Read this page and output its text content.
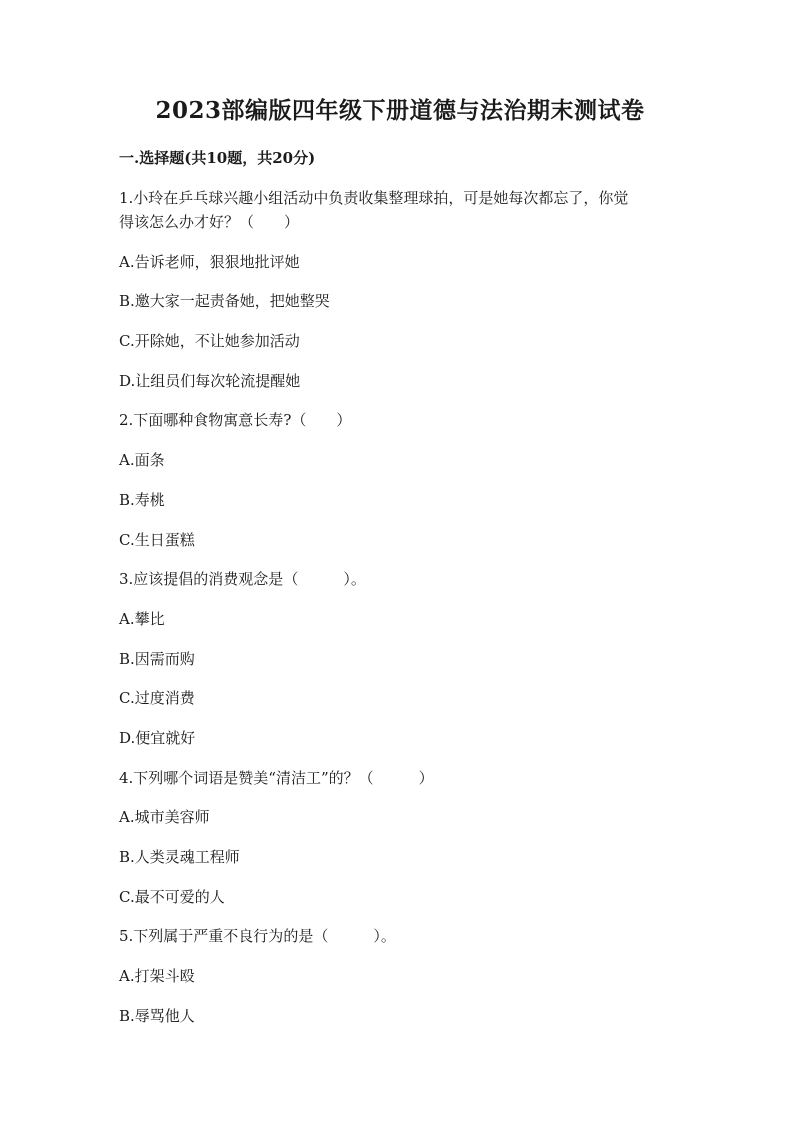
2023部编版四年级下册道德与法治期末测试卷
一.选择题(共10题，共20分)
1.小玲在乒乓球兴趣小组活动中负责收集整理球拍，可是她每次都忘了，你觉
得该怎么办才好？（　　）
A.告诉老师，狠狠地批评她
B.邀大家一起责备她，把她整哭
C.开除她，不让她参加活动
D.让组员们每次轮流提醒她
2.下面哪种食物寓意长寿?（　　）
A.面条
B.寿桃
C.生日蛋糕
3.应该提倡的消费观念是（　　　）。
A.攀比
B.因需而购
C.过度消费
D.便宜就好
4.下列哪个词语是赞美“清洁工”的？（　　　）
A.城市美容师
B.人类灵魂工程师
C.最不可爱的人
5.下列属于严重不良行为的是（　　　）。
A.打架斗殴
B.辱骂他人
